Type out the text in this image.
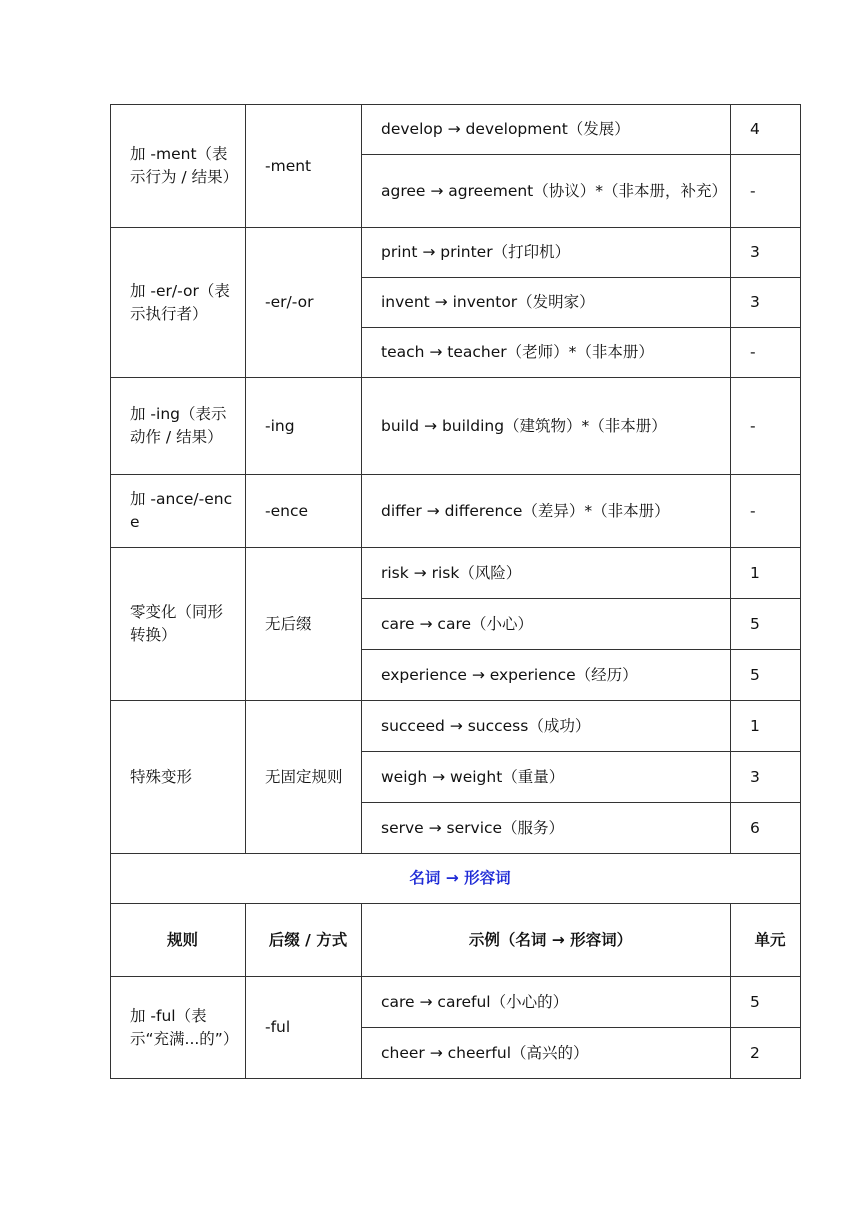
加 -ment（表示行为 / 结果）	-ment	develop → development（发展）	4
		agree → agreement（协议）*（非本册，补充）	-
加 -er/-or（表示执行者）	-er/-or	print → printer（打印机）	3
		invent → inventor（发明家）	3
		teach → teacher（老师）*（非本册）	-
加 -ing（表示动作 / 结果）	-ing	build → building（建筑物）*（非本册）	-
加 -ance/-ence	-ence	differ → difference（差异）*（非本册）	-
零变化（同形转换）	无后缀	risk → risk（风险）	1
		care → care（小心）	5
		experience → experience（经历）	5
特殊变形	无固定规则	succeed → success（成功）	1
		weigh → weight（重量）	3
		serve → service（服务）	6
名词 → 形容词			
规则	后缀 / 方式	示例（名词 → 形容词）	单元
加 -ful（表示“充满...的”）	-ful	care → careful（小心的）	5
		cheer → cheerful（高兴的）	2
